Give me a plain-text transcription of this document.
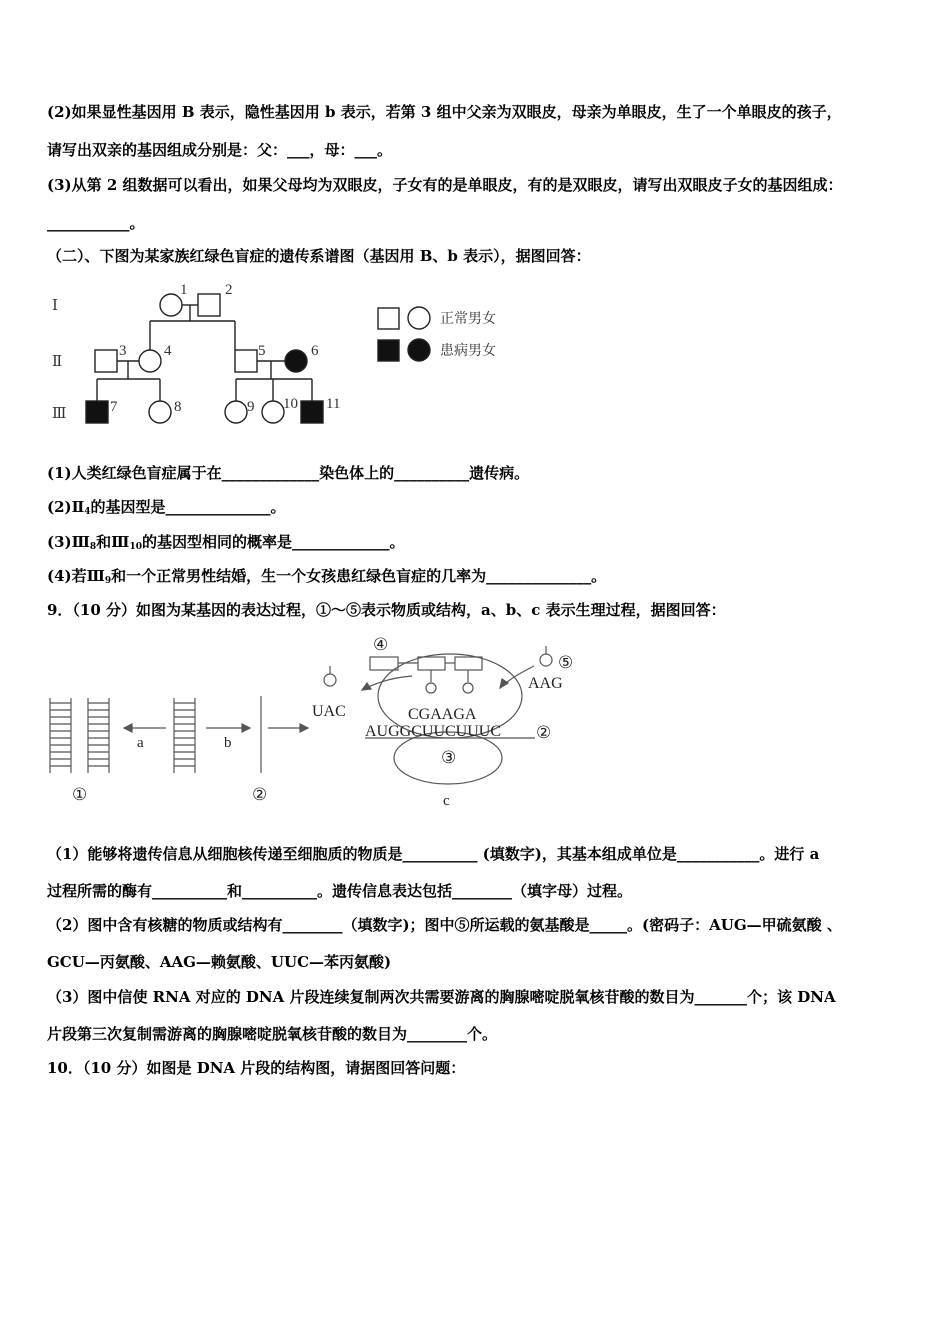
(2)如果显性基因用 B 表示，隐性基因用 b 表示，若第 3 组中父亲为双眼皮，母亲为单眼皮，生了一个单眼皮的孩子，
请写出双亲的基因组成分别是：父：___，母：___。
(3)从第 2 组数据可以看出，如果父母均为双眼皮，子女有的是单眼皮，有的是双眼皮，请写出双眼皮子女的基因组成：
___________。
（二）、下图为某家族红绿色盲症的遗传系谱图（基因用 B、b 表示），据图回答：
Ⅰ
Ⅱ
Ⅲ
1	2
3	4	5	6
7	8	9 10 11
正常男女
患病男女
(1)人类红绿色盲症属于在_____________染色体上的__________遗传病。
$(2)Ⅱ_4$的基因型是______________。
$(3)Ⅲ_8$和$Ⅲ_{10}$的基因型相同的概率是_____________。
(4)若$Ⅲ_9$和一个正常男性结婚，生一个女孩患红绿色盲症的几率为______________。
9．（10 分）如图为某基因的表达过程，①～⑤表示物质或结构，a、b、c 表示生理过程，据图回答：
a	b
c
①	②
②
③
④
⑤
UAC
AAG
CGAAGA
AUGGCUUCUUUC
（1）能够将遗传信息从细胞核传递至细胞质的物质是__________ (填数字)，其基本组成单位是___________。进行 a
过程所需的酶有__________和__________。遗传信息表达包括________（填字母）过程。
（2）图中含有核糖的物质或结构有________（填数字)；图中⑤所运载的氨基酸是_____。(密码子：AUG—甲硫氨酸 、
GCU—丙氨酸、AAG—赖氨酸、UUC—苯丙氨酸)
（3）图中信使 RNA 对应的 DNA 片段连续复制两次共需要游离的胸腺嘧啶脱氧核苷酸的数目为_______个；该 DNA
片段第三次复制需游离的胸腺嘧啶脱氧核苷酸的数目为________个。
10．（10 分）如图是 DNA 片段的结构图，请据图回答问题：
